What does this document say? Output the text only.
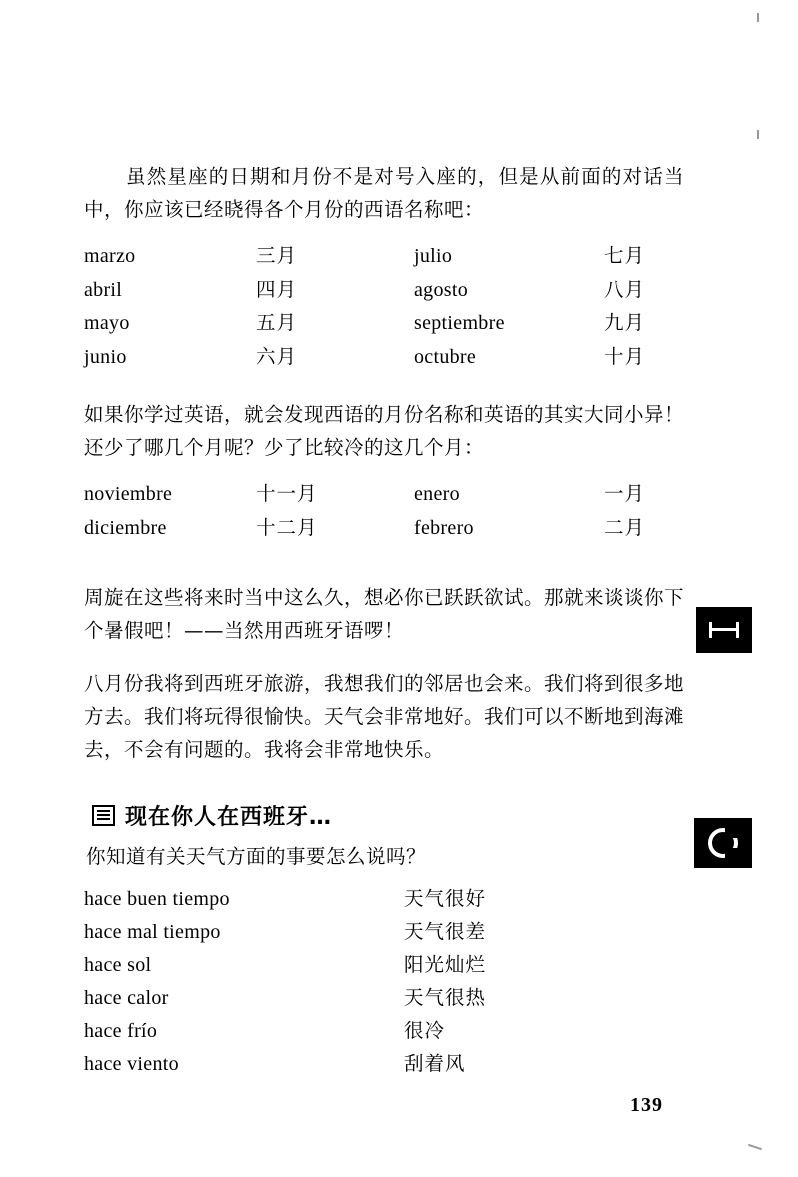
虽然星座的日期和月份不是对号入座的，但是从前面的对话当中，你应该已经晓得各个月份的西语名称吧：

marzo	三月	julio	七月
abril	四月	agosto	八月
mayo	五月	septiembre	九月
junio	六月	octubre	十月

如果你学过英语，就会发现西语的月份名称和英语的其实大同小异！还少了哪几个月呢？少了比较冷的这几个月：

noviembre	十一月	enero	一月
diciembre	十二月	febrero	二月

周旋在这些将来时当中这么久，想必你已跃跃欲试。那就来谈谈你下个暑假吧！——当然用西班牙语啰！

八月份我将到西班牙旅游，我想我们的邻居也会来。我们将到很多地方去。我们将玩得很愉快。天气会非常地好。我们可以不断地到海滩去，不会有问题的。我将会非常地快乐。

现在你人在西班牙…

你知道有关天气方面的事要怎么说吗？

hace buen tiempo	天气很好
hace mal tiempo	天气很差
hace sol	阳光灿烂
hace calor	天气很热
hace frío	很冷
hace viento	刮着风
139
